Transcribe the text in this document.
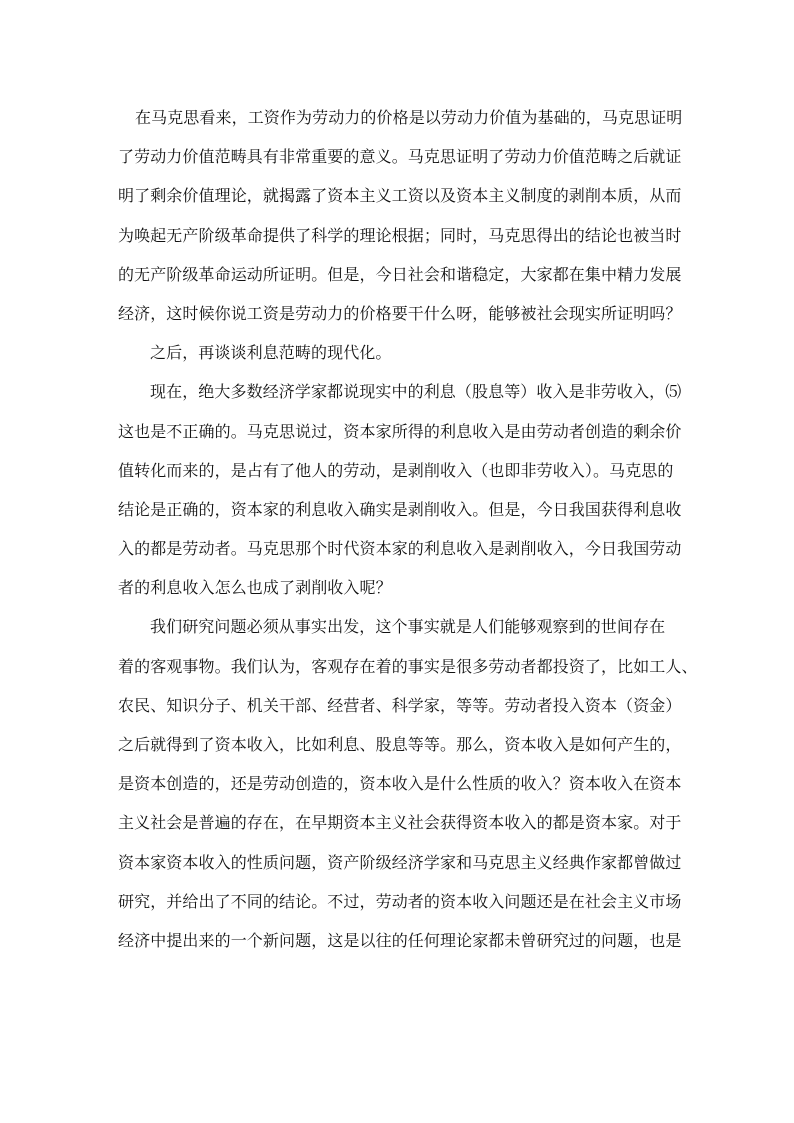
在马克思看来，工资作为劳动力的价格是以劳动力价值为基础的，马克思证明
了劳动力价值范畴具有非常重要的意义。马克思证明了劳动力价值范畴之后就证
明了剩余价值理论，就揭露了资本主义工资以及资本主义制度的剥削本质，从而
为唤起无产阶级革命提供了科学的理论根据；同时，马克思得出的结论也被当时
的无产阶级革命运动所证明。但是，今日社会和谐稳定，大家都在集中精力发展
经济，这时候你说工资是劳动力的价格要干什么呀，能够被社会现实所证明吗？
之后，再谈谈利息范畴的现代化。
现在，绝大多数经济学家都说现实中的利息（股息等）收入是非劳收入，⑸
这也是不正确的。马克思说过，资本家所得的利息收入是由劳动者创造的剩余价
值转化而来的，是占有了他人的劳动，是剥削收入（也即非劳收入）。马克思的
结论是正确的，资本家的利息收入确实是剥削收入。但是，今日我国获得利息收
入的都是劳动者。马克思那个时代资本家的利息收入是剥削收入，今日我国劳动
者的利息收入怎么也成了剥削收入呢？
我们研究问题必须从事实出发，这个事实就是人们能够观察到的世间存在
着的客观事物。我们认为，客观存在着的事实是很多劳动者都投资了，比如工人、
农民、知识分子、机关干部、经营者、科学家，等等。劳动者投入资本（资金）
之后就得到了资本收入，比如利息、股息等等。那么，资本收入是如何产生的，
是资本创造的，还是劳动创造的，资本收入是什么性质的收入？资本收入在资本
主义社会是普遍的存在，在早期资本主义社会获得资本收入的都是资本家。对于
资本家资本收入的性质问题，资产阶级经济学家和马克思主义经典作家都曾做过
研究，并给出了不同的结论。不过，劳动者的资本收入问题还是在社会主义市场
经济中提出来的一个新问题，这是以往的任何理论家都未曾研究过的问题，也是
